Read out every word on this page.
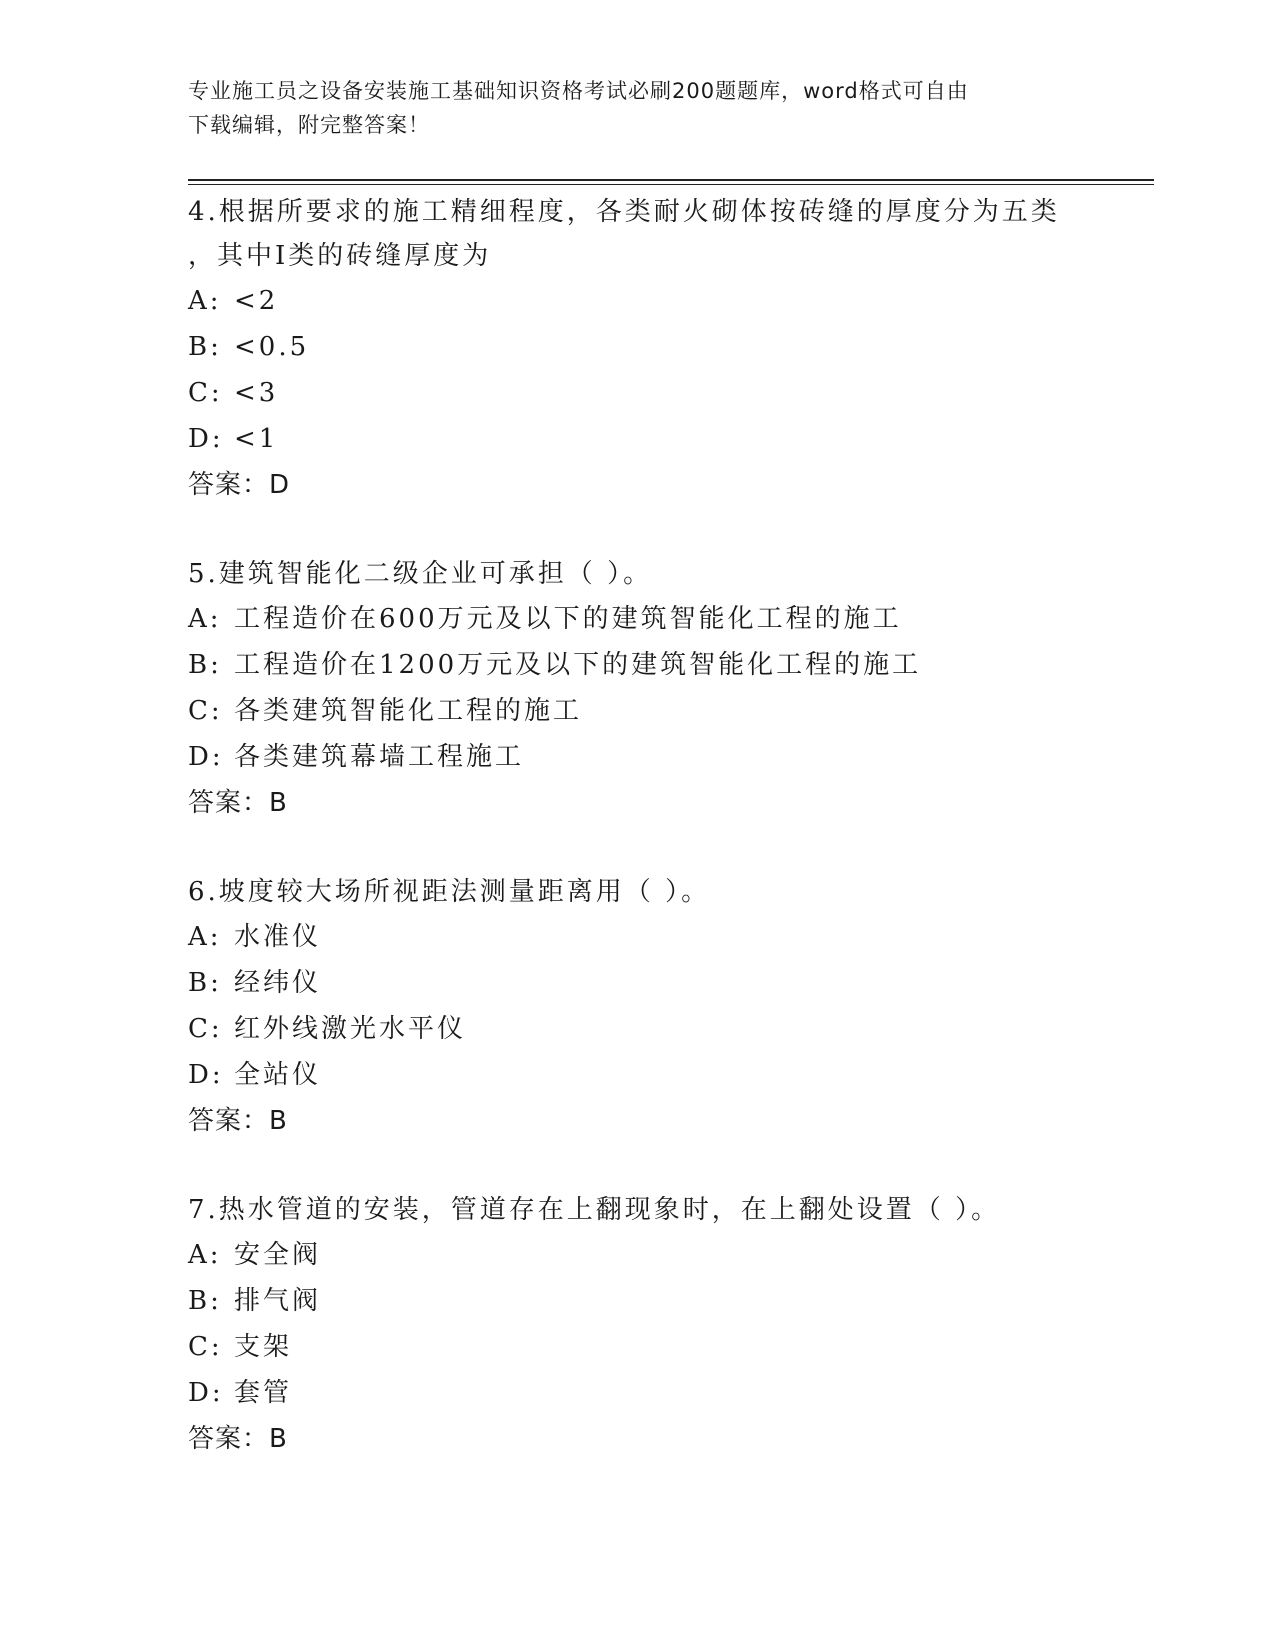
专业施工员之设备安装施工基础知识资格考试必刷200题题库，word格式可自由
下载编辑，附完整答案！
4.根据所要求的施工精细程度，各类耐火砌体按砖缝的厚度分为五类
，其中I类的砖缝厚度为
A: <2
B: <0.5
C: <3
D: <1
答案：D
5.建筑智能化二级企业可承担（ ）。
A: 工程造价在600万元及以下的建筑智能化工程的施工
B: 工程造价在1200万元及以下的建筑智能化工程的施工
C: 各类建筑智能化工程的施工
D: 各类建筑幕墙工程施工
答案：B
6.坡度较大场所视距法测量距离用（ ）。
A: 水准仪
B: 经纬仪
C: 红外线激光水平仪
D: 全站仪
答案：B
7.热水管道的安装，管道存在上翻现象时，在上翻处设置（ ）。
A: 安全阀
B: 排气阀
C: 支架
D: 套管
答案：B
